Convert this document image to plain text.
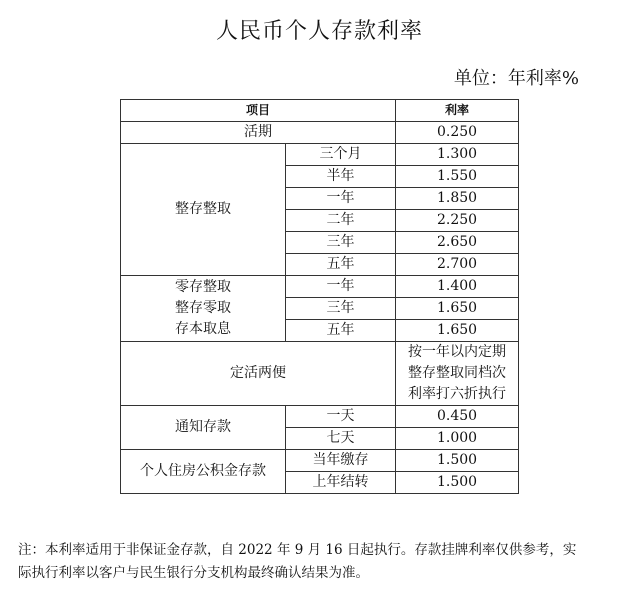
人民币个人存款利率
单位：年利率%
项目		利率
活期		0.250
整存整取	三个月	1.300
	半年	1.550
	一年	1.850
	二年	2.250
	三年	2.650
	五年	2.700

零存整取
整存零取
存本取息	一年	1.400
	三年	1.650
	五年	1.650
定活两便		按一年以内定期
整存整取同档次
利率打六折执行

通知存款	一天	0.450
	七天	1.000
个人住房公积金存款	当年缴存	1.500
	上年结转	1.500
注：本利率适用于非保证金存款，自 2022 年 9 月 16 日起执行。存款挂牌利率仅供参考，实
际执行利率以客户与民生银行分支机构最终确认结果为准。
